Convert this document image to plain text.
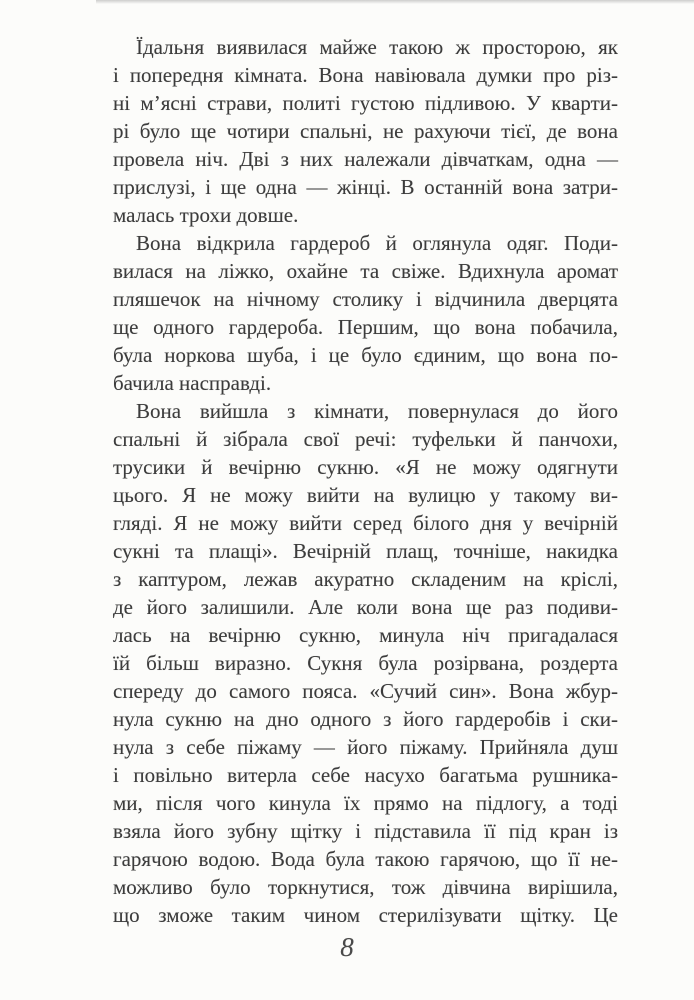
Їдальня виявилася майже такою ж просторою, як
і попередня кімната. Вона навіювала думки про різ-
ні м’ясні страви, политі густою підливою. У кварти-
рі було ще чотири спальні, не рахуючи тієї, де вона
провела ніч. Дві з них належали дівчаткам, одна —
прислузі, і ще одна — жінці. В останній вона затри-
малась трохи довше.
Вона відкрила гардероб й оглянула одяг. Поди-
вилася на ліжко, охайне та свіже. Вдихнула аромат
пляшечок на нічному столику і відчинила дверцята
ще одного гардероба. Першим, що вона побачила,
була норкова шуба, і це було єдиним, що вона по-
бачила насправді.
Вона вийшла з кімнати, повернулася до його
спальні й зібрала свої речі: туфельки й панчохи,
трусики й вечірню сукню. «Я не можу одягнути
цього. Я не можу вийти на вулицю у такому ви-
гляді. Я не можу вийти серед білого дня у вечірній
сукні та плащі». Вечірній плащ, точніше, накидка
з каптуром, лежав акуратно складеним на кріслі,
де його залишили. Але коли вона ще раз подиви-
лась на вечірню сукню, минула ніч пригадалася
їй більш виразно. Сукня була розірвана, роздерта
спереду до самого пояса. «Сучий син». Вона жбур-
нула сукню на дно одного з його гардеробів і ски-
нула з себе піжаму — його піжаму. Прийняла душ
і повільно витерла себе насухо багатьма рушника-
ми, після чого кинула їх прямо на підлогу, а тоді
взяла його зубну щітку і підставила її під кран із
гарячою водою. Вода була такою гарячою, що її не-
можливо було торкнутися, тож дівчина вирішила,
що зможе таким чином стерилізувати щітку. Це
8
